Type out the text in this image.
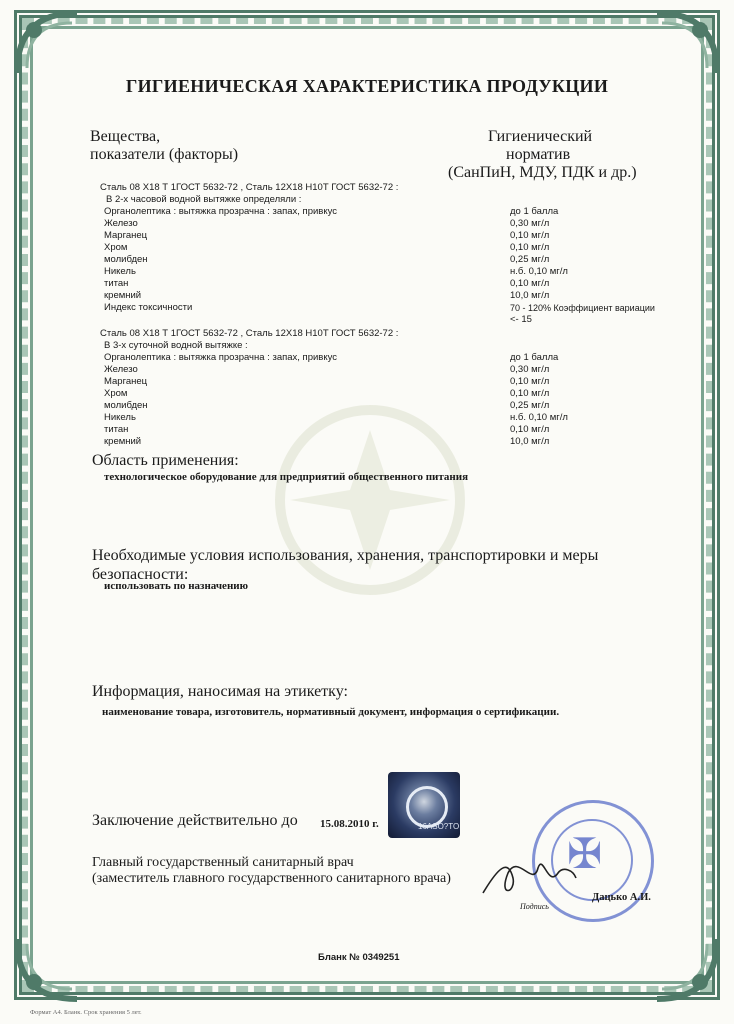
ГИГИЕНИЧЕСКАЯ ХАРАКТЕРИСТИКА ПРОДУКЦИИ
Вещества,
показатели (факторы)
Гигиенический
норматив
(СанПиН, МДУ, ПДК и др.)
Сталь 08 Х18 Т 1ГОСТ 5632-72 , Сталь 12Х18 Н10Т ГОСТ 5632-72 :
В 2-х часовой водной вытяжке определяли :
Органолептика : вытяжка прозрачна : запах, привкус
Железо
Марганец
Хром
молибден
Никель
титан
кремний
Индекс токсичности
до 1 балла
0,30 мг/л
0,10 мг/л
0,10 мг/л
0,25 мг/л
н.б. 0,10 мг/л
0,10 мг/л
10,0 мг/л
70 - 120% Коэффициент вариации
<- 15
Сталь 08 Х18 Т 1ГОСТ 5632-72 , Сталь 12Х18 Н10Т ГОСТ 5632-72 :
В 3-х суточной водной вытяжке :
Органолептика : вытяжка прозрачна : запах, привкус
Железо
Марганец
Хром
молибден
Никель
титан
кремний
до 1 балла
0,30 мг/л
0,10 мг/л
0,10 мг/л
0,25 мг/л
н.б. 0,10 мг/л
0,10 мг/л
10,0 мг/л
Область применения:
технологическое оборудование для предприятий общественного питания
Необходимые условия использования, хранения, транспортировки и меры
безопасности:
использовать по назначению
Информация, наносимая на этикетку:
наименование товара, изготовитель, нормативный документ, информация о сертификации.
16ASO?TO
Заключение действительно до 15.08.2010 г.
Главный государственный санитарный врач
(заместитель главного государственного санитарного врача)
✠
Дацько А.И.
Подпись
Бланк № 0349251
Формат А4. Бланк. Срок хранения 5 лет.
